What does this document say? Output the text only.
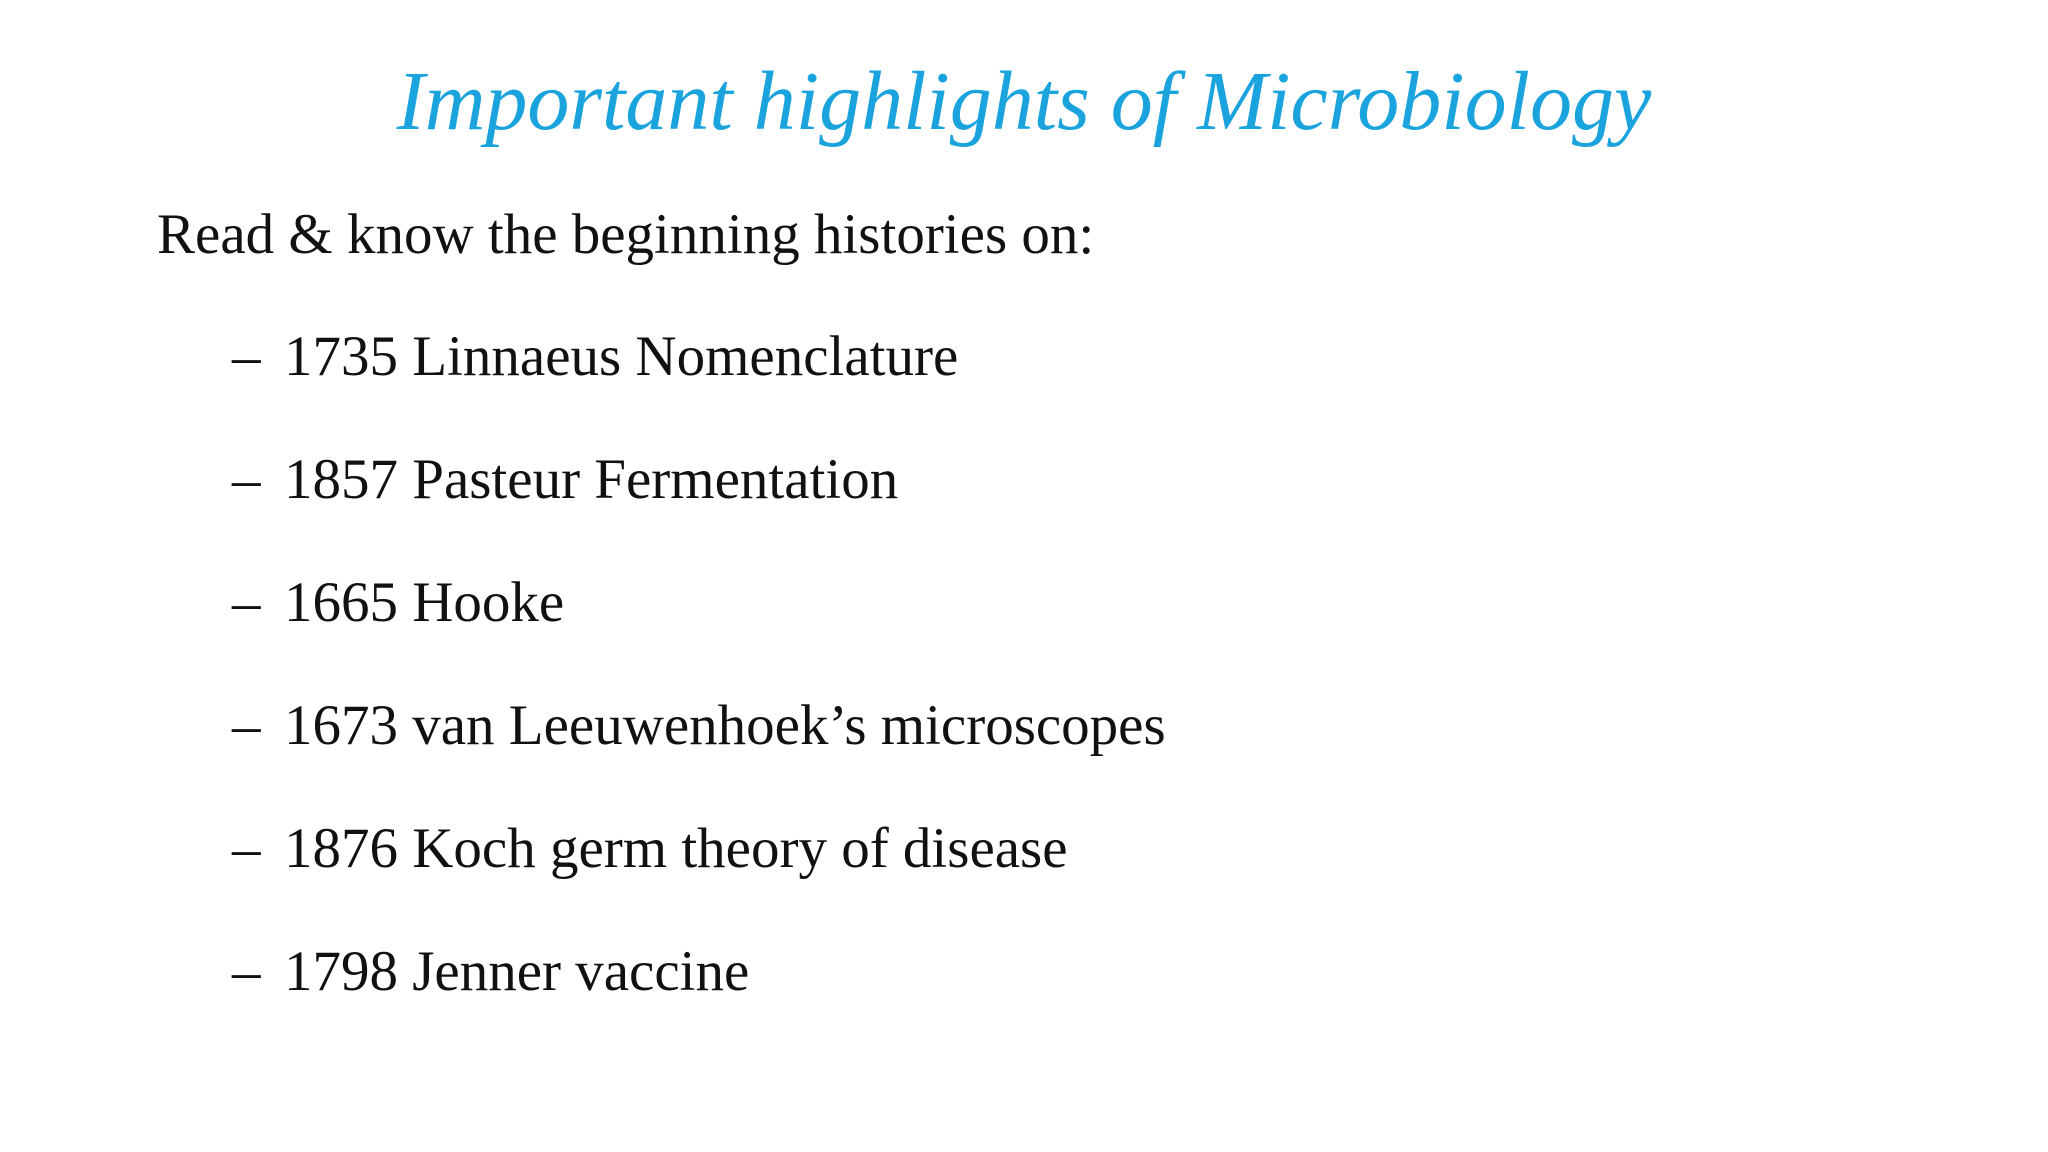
Important highlights of Microbiology
Read & know the beginning histories on:
– 1735 Linnaeus Nomenclature
– 1857 Pasteur Fermentation
– 1665 Hooke
– 1673 van Leeuwenhoek’s microscopes
– 1876 Koch germ theory of disease
– 1798 Jenner vaccine
